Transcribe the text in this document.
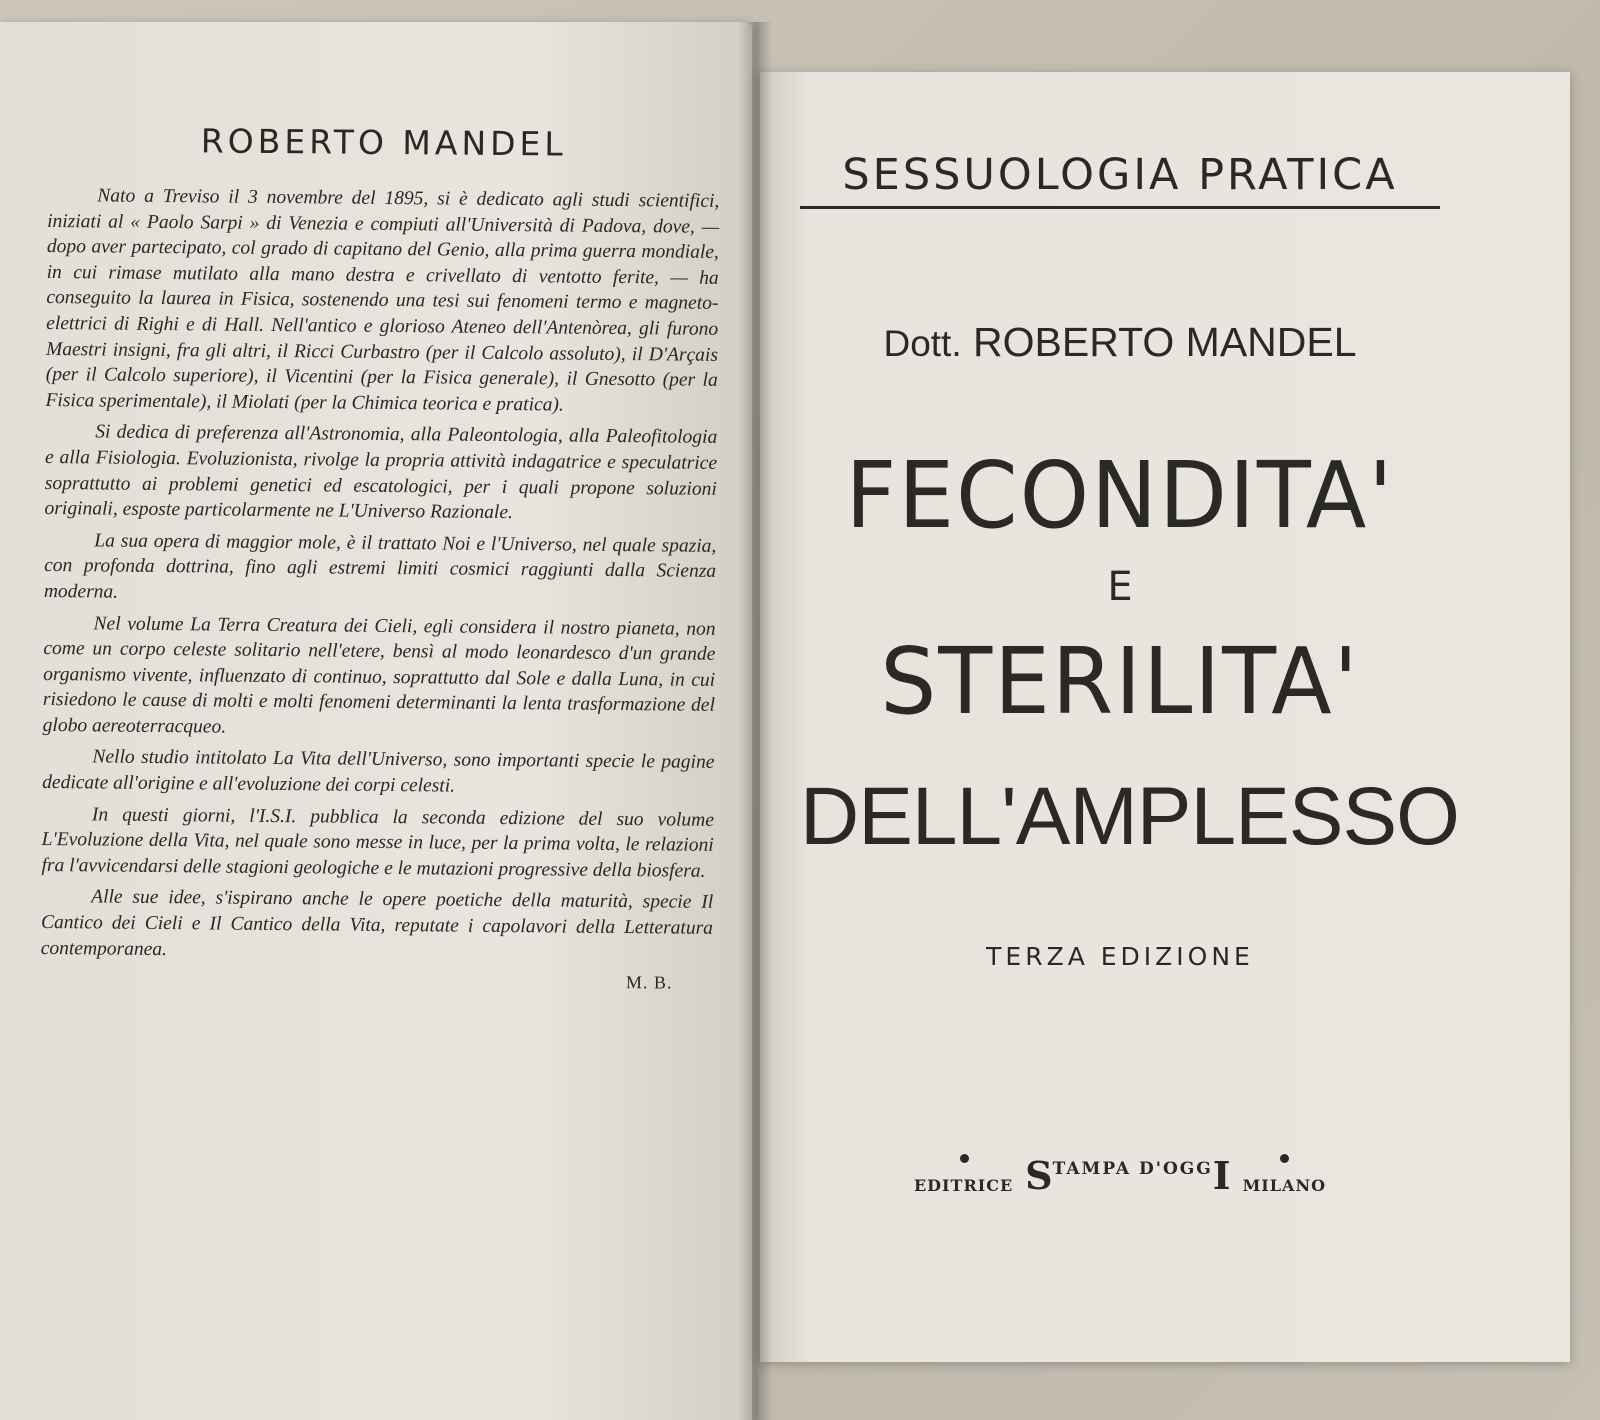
ROBERTO MANDEL

Nato a Treviso il 3 novembre del 1895, si è dedicato agli studi scientifici, iniziati al « Paolo Sarpi » di Venezia e compiuti all'Università di Padova, dove, — dopo aver partecipato, col grado di capitano del Genio, alla prima guerra mondiale, in cui rimase mutilato alla mano destra e crivellato di ventotto ferite, — ha conseguito la laurea in Fisica, sostenendo una tesi sui fenomeni termo e magneto-elettrici di Righi e di Hall. Nell'antico e glorioso Ateneo dell'Antenòrea, gli furono Maestri insigni, fra gli altri, il Ricci Curbastro (per il Calcolo assoluto), il D'Arçais (per il Calcolo superiore), il Vicentini (per la Fisica generale), il Gnesotto (per la Fisica sperimentale), il Miolati (per la Chimica teorica e pratica).

Si dedica di preferenza all'Astronomia, alla Paleontologia, alla Paleofitologia e alla Fisiologia. Evoluzionista, rivolge la propria attività indagatrice e speculatrice soprattutto ai problemi genetici ed escatologici, per i quali propone soluzioni originali, esposte particolarmente ne L'Universo Razionale.

La sua opera di maggior mole, è il trattato Noi e l'Universo, nel quale spazia, con profonda dottrina, fino agli estremi limiti cosmici raggiunti dalla Scienza moderna.

Nel volume La Terra Creatura dei Cieli, egli considera il nostro pianeta, non come un corpo celeste solitario nell'etere, bensì al modo leonardesco d'un grande organismo vivente, influenzato di continuo, soprattutto dal Sole e dalla Luna, in cui risiedono le cause di molti e molti fenomeni determinanti la lenta trasformazione del globo aereoterracqueo.

Nello studio intitolato La Vita dell'Universo, sono importanti specie le pagine dedicate all'origine e all'evoluzione dei corpi celesti.

In questi giorni, l'I.S.I. pubblica la seconda edizione del suo volume L'Evoluzione della Vita, nel quale sono messe in luce, per la prima volta, le relazioni fra l'avvicendarsi delle stagioni geologiche e le mutazioni progressive della biosfera.

Alle sue idee, s'ispirano anche le opere poetiche della maturità, specie Il Cantico dei Cieli e Il Cantico della Vita, reputate i capolavori della Letteratura contemporanea.

M. B.
SESSUOLOGIA PRATICA
Dott. ROBERTO MANDEL
FECONDITA'
E
STERILITA'
DELL'AMPLESSO
TERZA EDIZIONE
EDITRICE S TAMPA D'OGG I MILANO
